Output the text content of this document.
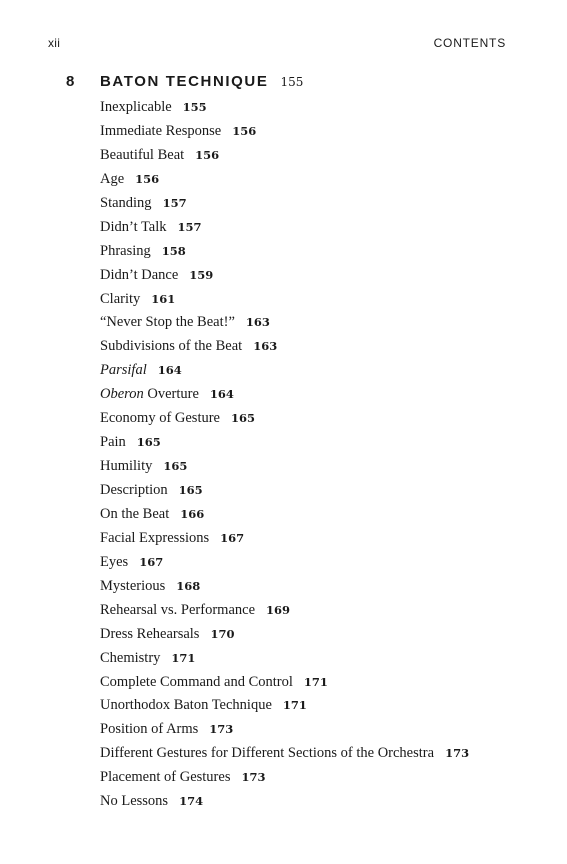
xii	CONTENTS
8 BATON TECHNIQUE 155
Inexplicable 155
Immediate Response 156
Beautiful Beat 156
Age 156
Standing 157
Didn’t Talk 157
Phrasing 158
Didn’t Dance 159
Clarity 161
“Never Stop the Beat!” 163
Subdivisions of the Beat 163
Parsifal 164
Oberon Overture 164
Economy of Gesture 165
Pain 165
Humility 165
Description 165
On the Beat 166
Facial Expressions 167
Eyes 167
Mysterious 168
Rehearsal vs. Performance 169
Dress Rehearsals 170
Chemistry 171
Complete Command and Control 171
Unorthodox Baton Technique 171
Position of Arms 173
Different Gestures for Different Sections of the Orchestra 173
Placement of Gestures 173
No Lessons 174
